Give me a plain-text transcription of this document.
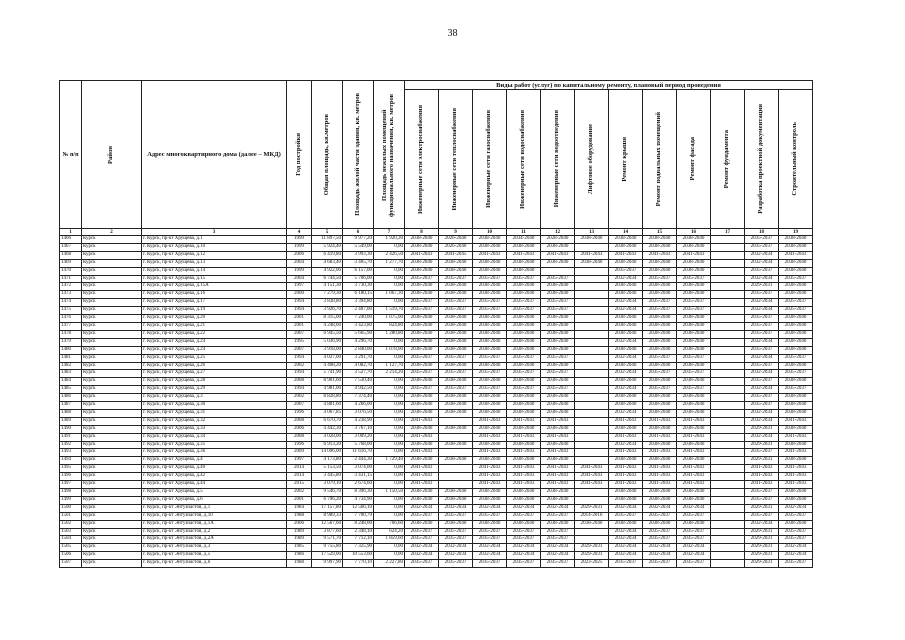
38
№ п/п	Район	Адрес многоквартирного дома (далее – МКД)	Год постройки	Общая площадь, кв.метров	Площадь жилой части здания, кв. метров	Площадь нежилых помещений функционального назначения, кв. метров	Виды работ (услуг) по капитальному ремонту, плановый период проведения											

							Инженерные сети электроснабжения	Инженерные сети теплоснабжения	Инженерные сети газоснабжения	Инженерные сети водоснабжения	Инженерные сети водоотведения	Лифтовое оборудование	Ремонт крыши	Ремонт подвальных помещений	Ремонт фасада	Ремонт фундамента	Разработка проектной документации	Строительный контроль

1	2	3	4	5	6	7	8	9	10	11	12	13	14	15	16	17	18	19
1466	Курск	г. Курск, пр-кт Хрущева, д.1	1999	11 897,50	9 977,20	1 920,30	2038-2040	2026-2040	2038-2040	2034-2040	2028-2040	2038-2040	2038-2040	2038-2040	2038-2040		2035-2037	2038-2040
1467	Курск	г. Курск, пр-кт Хрущева, д.10	1999	5 924,40	5 549,00	0,00	2038-2040	2026-2040	2038-2040	2038-2040	2038-2040		2038-2040	2038-2040	2038-2040		2035-2037	2038-2040
1468	Курск	г. Курск, пр-кт Хрущева, д.12	2006	6 419,80	3 993,30	2 426,50	2041-2043	2041-2045	2041-2043	2041-2043	2041-2043	2041-2043	2041-2043	2041-2043	2041-2043		2032-2034	2041-2043
1469	Курск	г. Курск, пр-кт Хрущева, д.13	2004	4 683,40	3 405,70	1 277,70	2038-2040	2038-2040	2038-2040	2038-2040	2038-2040	2038-2040	2038-2040	2038-2040	2038-2040		2032-2034	2038-2040
1470	Курск	г. Курск, пр-кт Хрущева, д.14	1999	4 922,00	6 157,00	0,00	2038-2040	2038-2040	2038-2040	2038-2040			2035-2037	2038-2040	2038-2040		2035-2037	2038-2040
1471	Курск	г. Курск, пр-кт Хрущева, д.15	2004	6 744,50	5 706,00	0,00	2035-2037	2035-2037	2035-2037	2035-2037	2035-2037		2032-2034	2035-2037	2035-2037		2032-2034	2035-2037
1472	Курск	г. Курск, пр-кт Хрущева, д.15А	1997	4 151,30	3 730,30	0,00	2038-2040	2038-2040	2038-2040	2038-2040	2038-2040		2038-2040	2038-2040	2038-2040		2029-2031	2038-2040
1473	Курск	г. Курск, пр-кт Хрущева, д.16	2000	7 279,30	6 180,15	1 067,30	2038-2040	2038-2040	2038-2040	2038-2040	2038-2040		2038-2040	2038-2040	2038-2040		2035-2037	2038-2040
1474	Курск	г. Курск, пр-кт Хрущева, д.17	1994	3 838,80	3 394,80	0,00	2035-2037	2035-2037	2035-2037	2035-2037	2035-2037		2032-2034	2035-2037	2035-2037		2032-2034	2035-2037
1475	Курск	г. Курск, пр-кт Хрущева, д.19	1994	3 926,70	2 407,00	1 519,70	2035-2037	2035-2037	2035-2037	2035-2037	2035-2037		2032-2034	2035-2037	2035-2037		2032-2034	2035-2037
1476	Курск	г. Курск, пр-кт Хрущева, д.20	2001	8 315,00	7 240,00	1 075,00	2038-2040	2038-2040	2038-2040	2038-2040	2038-2040		2038-2040	2038-2040	2038-2040		2035-2037	2038-2040
1477	Курск	г. Курск, пр-кт Хрущева, д.21	2001	4 248,60	3 423,80	824,80	2038-2040	2038-2040	2038-2040	2038-2040	2038-2040		2038-2040	2038-2040	2038-2040		2035-2037	2038-2040
1478	Курск	г. Курск, пр-кт Хрущева, д.22	2007	6 945,50	5 665,90	1 280,80	2038-2040	2038-2040	2038-2040	2038-2040	2038-2040		2038-2040	2038-2040	2038-2040		2035-2037	2038-2040
1479	Курск	г. Курск, пр-кт Хрущева, д.24	1995	5 036,90	4 296,70	0,00	2038-2040	2038-2040	2038-2040	2038-2040	2038-2040		2032-2034	2038-2040	2038-2040		2032-2034	2038-2040
1480	Курск	г. Курск, пр-кт Хрущева, д.24	2007	3 918,00	2 840,00	1 078,00	2038-2040	2038-2040	2038-2040	2038-2040	2038-2040		2038-2040	2038-2040	2038-2040		2035-2037	2038-2040
1481	Курск	г. Курск, пр-кт Хрущева, д.25	1994	4 027,00	3 291,70	0,00	2035-2037	2035-2037	2035-2037	2035-2037	2035-2037		2032-2034	2035-2037	2035-2037		2032-2034	2035-2037
1482	Курск	г. Курск, пр-кт Хрущева, д.26	2002	4 408,20	4 082,70	1 127,70	2038-2040	2038-2040	2038-2040	2038-2040	2038-2040		2038-2040	2038-2040	2038-2040		2035-2037	2038-2040
1483	Курск	г. Курск, пр-кт Хрущева, д.27	1994	5 741,90	3 527,70	2 214,20	2035-2037	2035-2037	2035-2037	2035-2037	2035-2037		2032-2034	2035-2037	2035-2037		2032-2034	2035-2037
1484	Курск	г. Курск, пр-кт Хрущева, д.28	2008	8 901,60	7 530,40	0,00	2038-2040	2038-2040	2038-2040	2038-2040	2038-2040		2038-2040	2038-2040	2038-2040		2035-2037	2038-2040
1485	Курск	г. Курск, пр-кт Хрущева, д.29	1994	4 981,00	4 942,50	0,00	2035-2037	2035-2037	2035-2037	2035-2037	2035-2037		2032-2034	2035-2037	2035-2037		2032-2034	2035-2037
1486	Курск	г. Курск, пр-кт Хрущева, д.3	2002	8 828,80	7 374,40	0,00	2038-2040	2038-2040	2038-2040	2038-2040	2038-2040		2038-2040	2038-2040	2038-2040		2035-2037	2038-2040
1487	Курск	г. Курск, пр-кт Хрущева, д.30	2007	4 881,60	4 266,00	0,00	2038-2040	2038-2040	2038-2040	2038-2040	2038-2040		2038-2040	2038-2040	2038-2040		2035-2037	2038-2040
1488	Курск	г. Курск, пр-кт Хрущева, д.31	1996	4 067,85	3 076,50	0,00	2038-2040	2038-2040	2038-2040	2038-2040	2038-2040		2032-2034	2038-2040	2038-2040		2032-2034	2038-2040
1489	Курск	г. Курск, пр-кт Хрущева, д.32	2008	6 670,70	4 238,90	0,00	2041-2043		2041-2043	2041-2043	2041-2043		2041-2043	2041-2043	2041-2043		2032-2034	2041-2043
1490	Курск	г. Курск, пр-кт Хрущева, д.33	2006	4 442,30	3 767,10	0,00	2038-2040	2038-2040	2038-2040	2038-2040	2038-2040		2038-2040	2038-2040	2038-2040		2029-2031	2038-2040
1491	Курск	г. Курск, пр-кт Хрущева, д.34	2008	4 028,00	3 009,20	0,00	2041-2043		2041-2043	2041-2043	2041-2043		2041-2043	2041-2043	2041-2043		2032-2034	2041-2043
1492	Курск	г. Курск, пр-кт Хрущева, д.35	1996	6 913,20	5 768,00	0,00	2038-2040	2038-2040	2038-2040	2038-2040	2038-2040		2032-2034	2038-2040	2038-2040		2029-2031	2038-2040
1493	Курск	г. Курск, пр-кт Хрущева, д.36	2009	14 096,00	11 616,70	0,00	2041-2043		2041-2043	2041-2043	2041-2043		2041-2043	2041-2043	2041-2043		2035-2037	2041-2043
1494	Курск	г. Курск, пр-кт Хрущева, д.4	1997	4 173,80	2 444,30	1 729,40	2038-2040	2038-2040	2038-2040	2038-2040	2038-2040		2038-2040	2038-2040	2038-2040		2029-2031	2038-2040
1495	Курск	г. Курск, пр-кт Хрущева, д.40	2014	5 153,50	3 074,00	0,00	2041-2043		2041-2043	2041-2043	2041-2043	2041-2043	2041-2043	2041-2043	2041-2043		2041-2043	2041-2043
1496	Курск	г. Курск, пр-кт Хрущева, д.42	2014	3 445,80	3 431,15	0,00	2041-2043		2041-2043	2041-2043	2041-2043	2041-2043	2041-2043	2041-2043	2041-2043		2041-2043	2041-2043
1497	Курск	г. Курск, пр-кт Хрущева, д.44	2015	3 079,10	2 674,60	0,00	2041-2043		2041-2043	2041-2043	2041-2043	2041-2043	2041-2043	2041-2043	2041-2043		2041-2043	2041-2043
1498	Курск	г. Курск, пр-кт Хрущева, д.5	2002	9 546,70	8 396,30	1 150,50	2038-2040	2038-2040	2038-2040	2038-2040	2038-2040		2038-2040	2038-2040	2038-2040		2035-2037	2038-2040
1499	Курск	г. Курск, пр-кт Хрущева, д.6	2001	6 796,20	4 734,90	0,00	2038-2040	2038-2040	2038-2040	2038-2040	2038-2040		2038-2040	2038-2040	2038-2040		2035-2037	2038-2040
1500	Курск	г. Курск, пр-кт Энтузиастов, д.1	1984	17 157,80	12 566,10	0,00	2032-2034	2032-2034	2032-2034	2032-2034	2032-2034	2029-2031	2032-2034	2032-2034	2032-2034		2029-2031	2032-2034
1501	Курск	г. Курск, пр-кт Энтузиастов, д.10	1988	8 989,33	7 700,79	0,00	2035-2037	2035-2037	2035-2037	2035-2037	2035-2037	2014-2016	2035-2037	2035-2037	2035-2037		2035-2037	2035-2037
1502	Курск	г. Курск, пр-кт Энтузиастов, д.1А	2006	12 567,60	8 248,00	766,60	2038-2040	2038-2040	2038-2040	2038-2040	2038-2040	2038-2040	2038-2040	2038-2040	2038-2040		2032-2034	2038-2040
1503	Курск	г. Курск, пр-кт Энтузиастов, д.2	1989	3 877,60	2 348,10	624,20	2035-2037	2035-2037	2035-2037	2035-2037	2035-2037		2032-2034	2035-2037	2035-2037		2029-2031	2035-2037
1504	Курск	г. Курск, пр-кт Энтузиастов, д.2А	1989	9 571,70	7 712,10	1 859,60	2035-2037	2035-2037	2035-2037	2035-2037	2035-2037		2032-2034	2035-2037	2035-2037		2029-2031	2035-2037
1505	Курск	г. Курск, пр-кт Энтузиастов, д.3	1985	9 755,80	7 325,90	0,00	2032-2034	2032-2034	2032-2034	2032-2034	2032-2034	2029-2031	2032-2034	2032-2034	2032-2034		2029-2031	2032-2034
1506	Курск	г. Курск, пр-кт Энтузиастов, д.5	1986	17 529,00	10 553,60	0,00	2032-2034	2032-2034	2032-2034	2032-2034	2032-2034	2029-2031	2032-2034	2032-2034	2032-2034		2029-2031	2032-2034
1507	Курск	г. Курск, пр-кт Энтузиастов, д.6	1988	9 997,90	7 770,10	2 227,80	2035-2037	2035-2037	2035-2037	2035-2037	2035-2037	2023-2025	2035-2037	2035-2037	2035-2037		2029-2031	2035-2037
